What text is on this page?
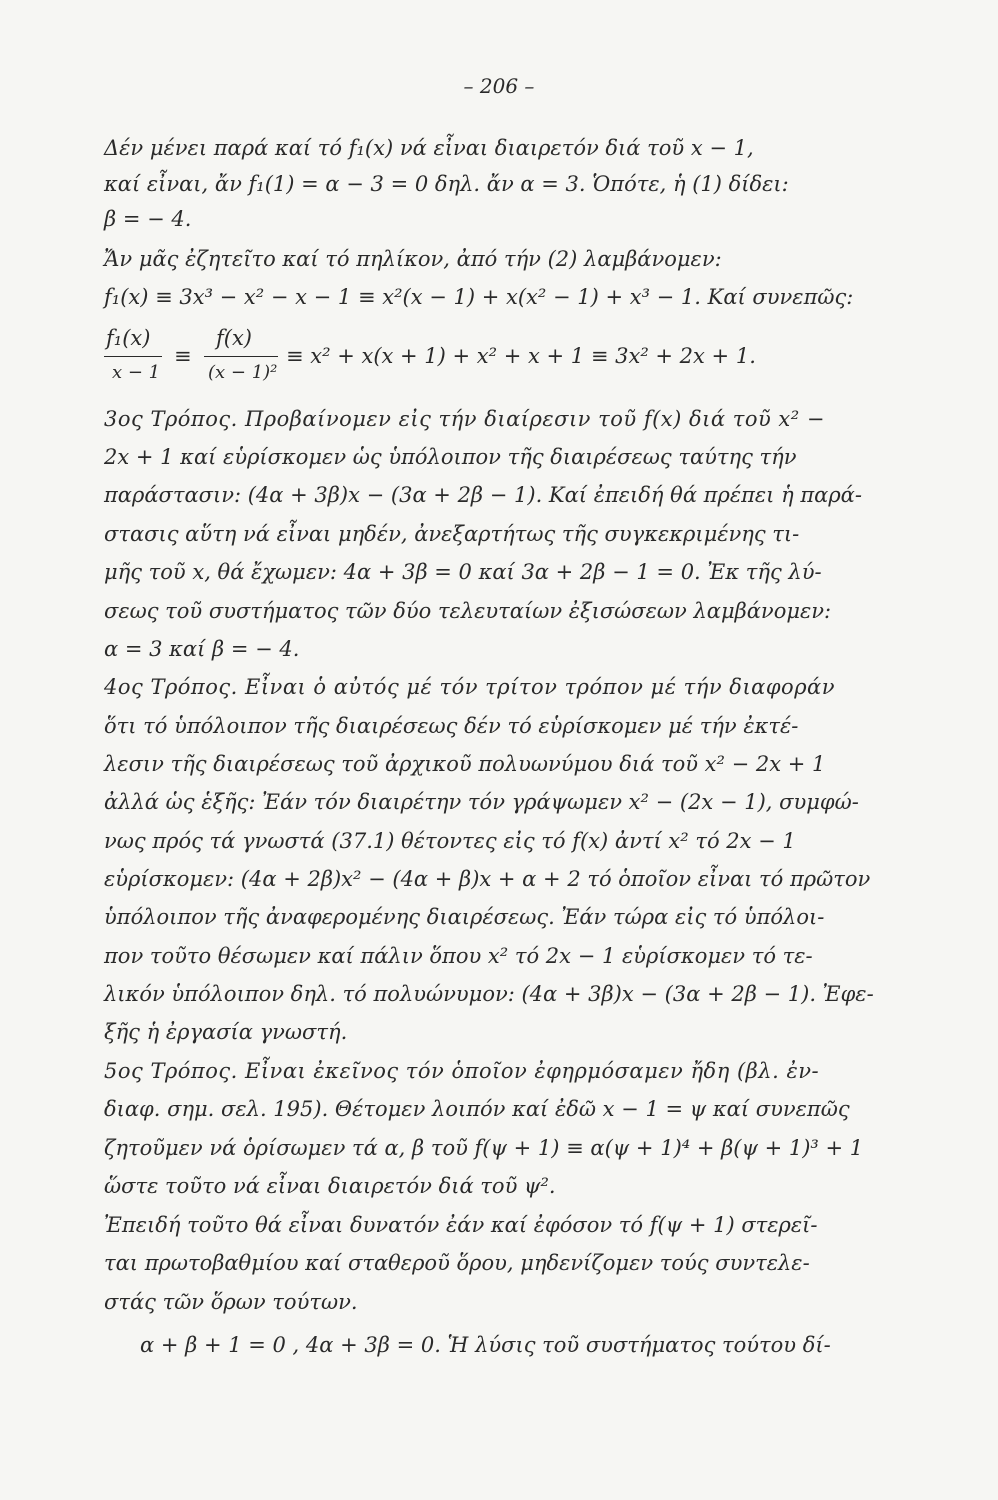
– 206 –
Δέν μένει παρά καί τό f₁(x) νά εἶναι διαιρετόν διά τοῦ x − 1,
καί εἶναι, ἄν f₁(1) = α − 3 = 0 δηλ. ἄν α = 3. Ὁπότε, ἡ (1) δίδει:
β = − 4.
Ἄν μᾶς ἐζητεῖτο καί τό πηλίκον, ἀπό τήν (2) λαμβάνομεν:
f₁(x) ≡ 3x³ − x² − x − 1 ≡ x²(x − 1) + x(x² − 1) + x³ − 1. Καί συνεπῶς:
f₁(x)
x − 1
≡
f(x)
(x − 1)²
≡ x² + x(x + 1) + x² + x + 1 ≡ 3x² + 2x + 1.
3ος Τρόπος. Προβαίνομεν εἰς τήν διαίρεσιν τοῦ f(x) διά τοῦ x² −
2x + 1 καί εὑρίσκομεν ὡς ὑπόλοιπον τῆς διαιρέσεως ταύτης τήν
παράστασιν: (4α + 3β)x − (3α + 2β − 1). Καί ἐπειδή θά πρέπει ἡ παρά-
στασις αὕτη νά εἶναι μηδέν, ἀνεξαρτήτως τῆς συγκεκριμένης τι-
μῆς τοῦ x, θά ἔχωμεν: 4α + 3β = 0 καί 3α + 2β − 1 = 0. Ἐκ τῆς λύ-
σεως τοῦ συστήματος τῶν δύο τελευταίων ἐξισώσεων λαμβάνομεν:
α = 3 καί β = − 4.
4ος Τρόπος. Εἶναι ὁ αὐτός μέ τόν τρίτον τρόπον μέ τήν διαφοράν
ὅτι τό ὑπόλοιπον τῆς διαιρέσεως δέν τό εὑρίσκομεν μέ τήν ἐκτέ-
λεσιν τῆς διαιρέσεως τοῦ ἀρχικοῦ πολυωνύμου διά τοῦ x² − 2x + 1
ἀλλά ὡς ἑξῆς: Ἐάν τόν διαιρέτην τόν γράψωμεν x² − (2x − 1), συμφώ-
νως πρός τά γνωστά (37.1) θέτοντες εἰς τό f(x) ἀντί x² τό 2x − 1
εὑρίσκομεν: (4α + 2β)x² − (4α + β)x + α + 2 τό ὁποῖον εἶναι τό πρῶτον
ὑπόλοιπον τῆς ἀναφερομένης διαιρέσεως. Ἐάν τώρα εἰς τό ὑπόλοι-
πον τοῦτο θέσωμεν καί πάλιν ὅπου x² τό 2x − 1 εὑρίσκομεν τό τε-
λικόν ὑπόλοιπον δηλ. τό πολυώνυμον: (4α + 3β)x − (3α + 2β − 1). Ἐφε-
ξῆς ἡ ἐργασία γνωστή.
5ος Τρόπος. Εἶναι ἐκεῖνος τόν ὁποῖον ἐφηρμόσαμεν ἤδη (βλ. ἐν-
διαφ. σημ. σελ. 195). Θέτομεν λοιπόν καί ἐδῶ x − 1 = ψ καί συνεπῶς
ζητοῦμεν νά ὁρίσωμεν τά α, β τοῦ f(ψ + 1) ≡ α(ψ + 1)⁴ + β(ψ + 1)³ + 1
ὥστε τοῦτο νά εἶναι διαιρετόν διά τοῦ ψ².
Ἐπειδή τοῦτο θά εἶναι δυνατόν ἐάν καί ἐφόσον τό f(ψ + 1) στερεῖ-
ται πρωτοβαθμίου καί σταθεροῦ ὅρου, μηδενίζομεν τούς συντελε-
στάς τῶν ὅρων τούτων.
α + β + 1 = 0 , 4α + 3β = 0. Ἡ λύσις τοῦ συστήματος τούτου δί-
